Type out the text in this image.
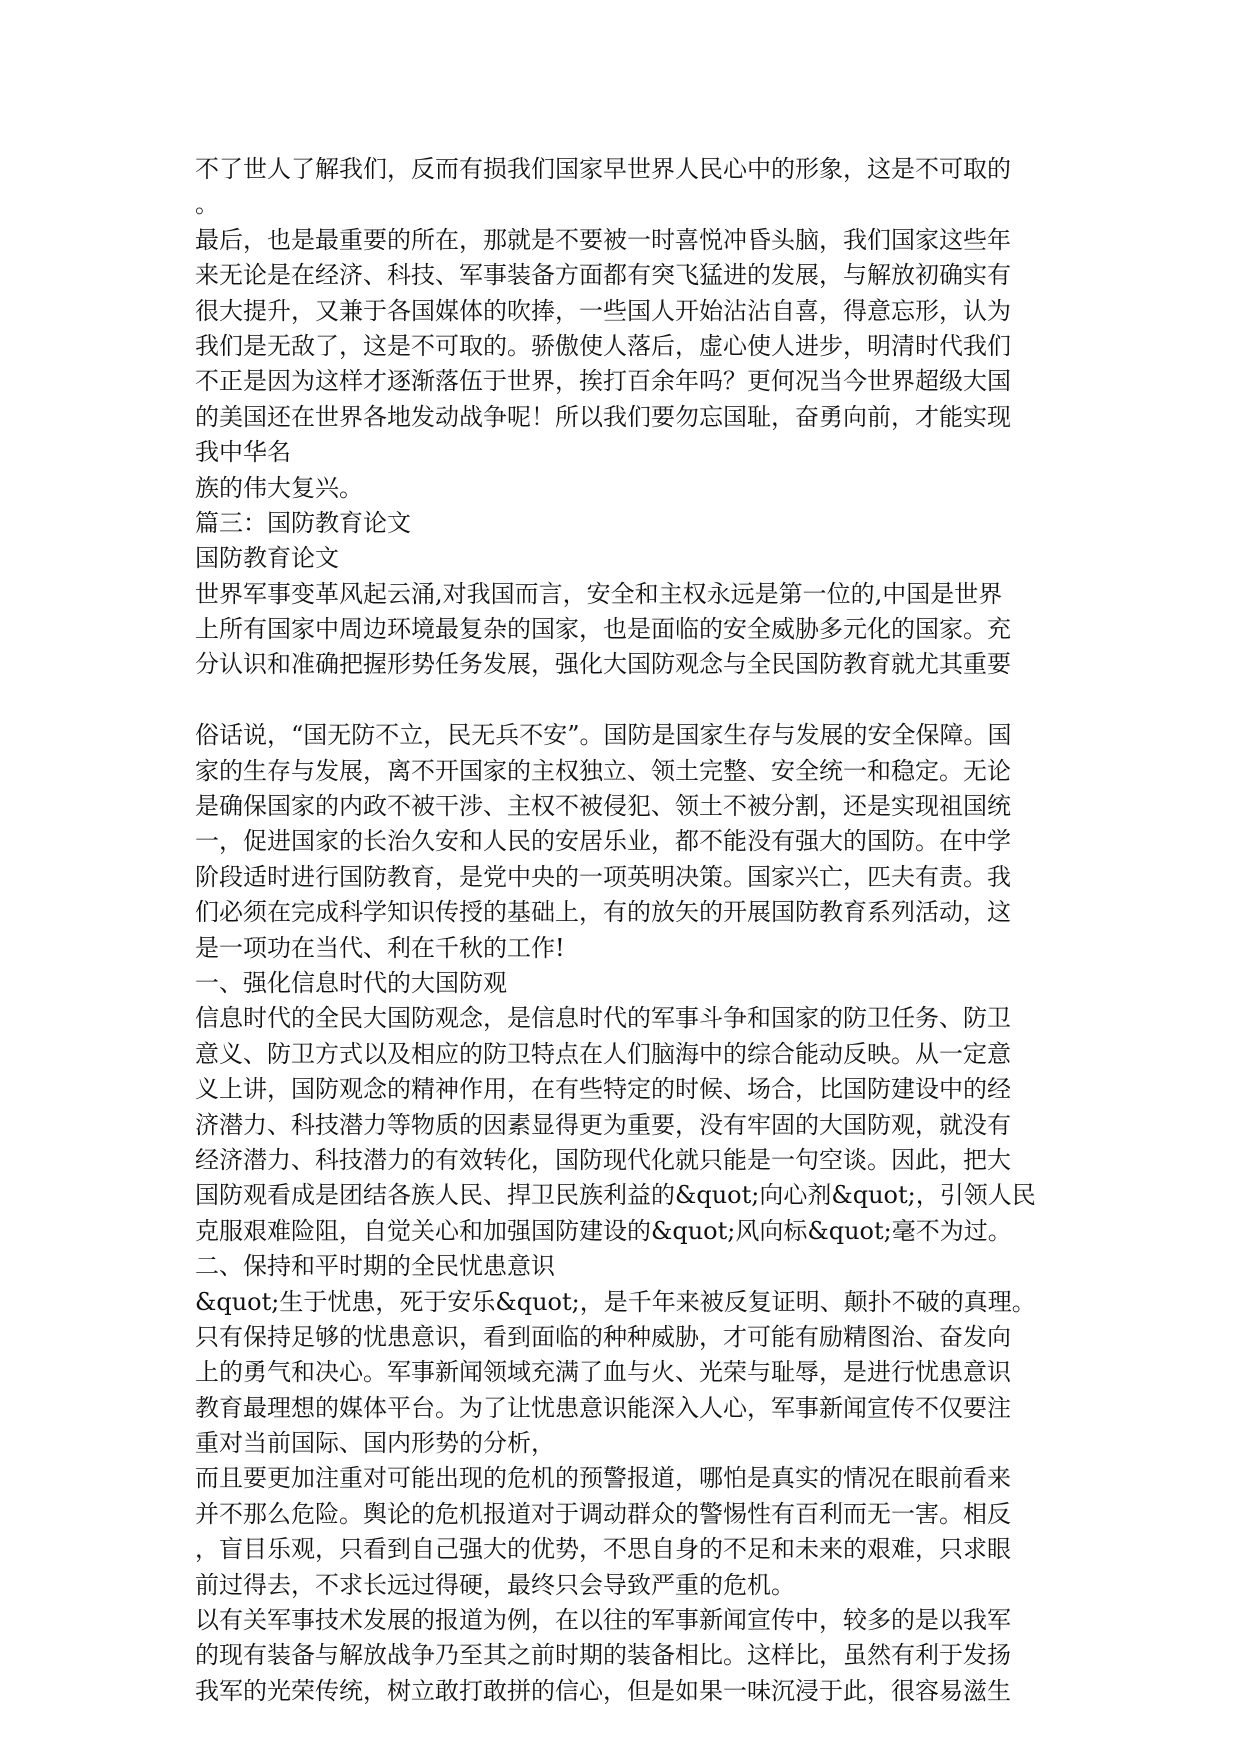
不了世人了解我们，反而有损我们国家早世界人民心中的形象，这是不可取的
。
最后，也是最重要的所在，那就是不要被一时喜悦冲昏头脑，我们国家这些年
来无论是在经济、科技、军事装备方面都有突飞猛进的发展，与解放初确实有
很大提升，又兼于各国媒体的吹捧，一些国人开始沾沾自喜，得意忘形，认为
我们是无敌了，这是不可取的。骄傲使人落后，虚心使人进步，明清时代我们
不正是因为这样才逐渐落伍于世界，挨打百余年吗？更何况当今世界超级大国
的美国还在世界各地发动战争呢！所以我们要勿忘国耻，奋勇向前，才能实现
我中华名
族的伟大复兴。
篇三：国防教育论文
国防教育论文
世界军事变革风起云涌,对我国而言，安全和主权永远是第一位的,中国是世界
上所有国家中周边环境最复杂的国家，也是面临的安全威胁多元化的国家。充
分认识和准确把握形势任务发展，强化大国防观念与全民国防教育就尤其重要
俗话说，“国无防不立，民无兵不安”。国防是国家生存与发展的安全保障。国
家的生存与发展，离不开国家的主权独立、领土完整、安全统一和稳定。无论
是确保国家的内政不被干涉、主权不被侵犯、领土不被分割，还是实现祖国统
一，促进国家的长治久安和人民的安居乐业，都不能没有强大的国防。在中学
阶段适时进行国防教育，是党中央的一项英明决策。国家兴亡，匹夫有责。我
们必须在完成科学知识传授的基础上，有的放矢的开展国防教育系列活动，这
是一项功在当代、利在千秋的工作!
一、强化信息时代的大国防观
信息时代的全民大国防观念，是信息时代的军事斗争和国家的防卫任务、防卫
意义、防卫方式以及相应的防卫特点在人们脑海中的综合能动反映。从一定意
义上讲，国防观念的精神作用，在有些特定的时候、场合，比国防建设中的经
济潜力、科技潜力等物质的因素显得更为重要，没有牢固的大国防观，就没有
经济潜力、科技潜力的有效转化，国防现代化就只能是一句空谈。因此，把大
国防观看成是团结各族人民、捍卫民族利益的&quot;向心剂&quot;，引领人民
克服艰难险阻，自觉关心和加强国防建设的&quot;风向标&quot;毫不为过。
二、保持和平时期的全民忧患意识
&quot;生于忧患，死于安乐&quot;，是千年来被反复证明、颠扑不破的真理。
只有保持足够的忧患意识，看到面临的种种威胁，才可能有励精图治、奋发向
上的勇气和决心。军事新闻领域充满了血与火、光荣与耻辱，是进行忧患意识
教育最理想的媒体平台。为了让忧患意识能深入人心，军事新闻宣传不仅要注
重对当前国际、国内形势的分析，
而且要更加注重对可能出现的危机的预警报道，哪怕是真实的情况在眼前看来
并不那么危险。舆论的危机报道对于调动群众的警惕性有百利而无一害。相反
，盲目乐观，只看到自己强大的优势，不思自身的不足和未来的艰难，只求眼
前过得去，不求长远过得硬，最终只会导致严重的危机。
以有关军事技术发展的报道为例，在以往的军事新闻宣传中，较多的是以我军
的现有装备与解放战争乃至其之前时期的装备相比。这样比，虽然有利于发扬
我军的光荣传统，树立敢打敢拼的信心，但是如果一味沉浸于此，很容易滋生
